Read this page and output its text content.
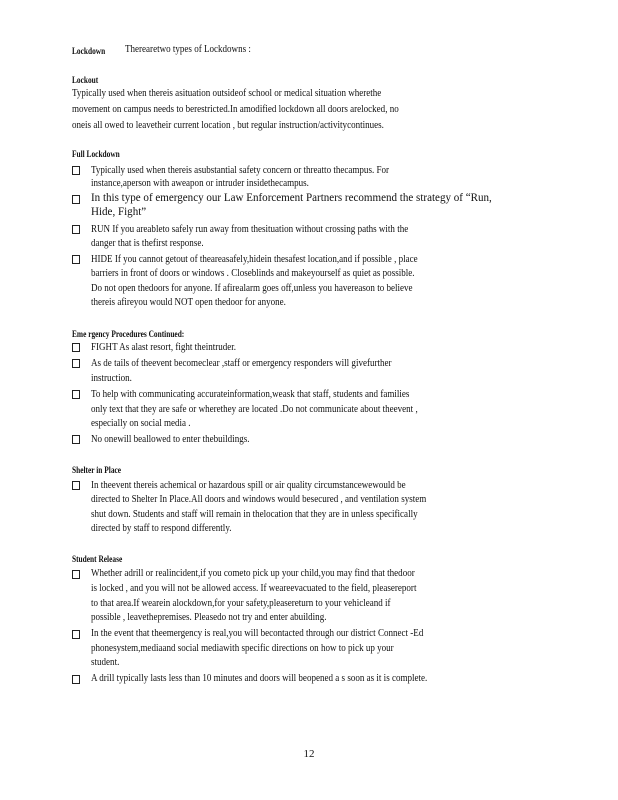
Lockdown Therearetwo types of Lockdowns :
Lockout
Typically used when thereis asituation outsideof school or medical situation wherethe
movement on campus needs to berestricted.In amodified lockdown all doors arelocked, no
oneis all owed to leavetheir current location , but regular instruction/activitycontinues.
Full Lockdown
Typically used when thereis asubstantial safety concern or threatto thecampus. For
instance,aperson with aweapon or intruder insidethecampus.
In this type of emergency our Law Enforcement Partners recommend the strategy of “Run,
Hide, Fight”
RUN If you areableto safely run away from thesituation without crossing paths with the
danger that is thefirst response.
HIDE If you cannot getout of theareasafely,hidein thesafest location,and if possible , place
barriers in front of doors or windows . Closeblinds and makeyourself as quiet as possible.
Do not open thedoors for anyone. If afirealarm goes off,unless you havereason to believe
thereis afireyou would NOT open thedoor for anyone.
Eme rgency Procedures Continued:
FIGHT As alast resort, fight theintruder.
As de tails of theevent becomeclear ,staff or emergency responders will givefurther
instruction.
To help with communicating accurateinformation,weask that staff, students and families
only text that they are safe or wherethey are located .Do not communicate about theevent ,
especially on social media .
No onewill beallowed to enter thebuildings.
Shelter in Place
In theevent thereis achemical or hazardous spill or air quality circumstancewewould be
directed to Shelter In Place.All doors and windows would besecured , and ventilation system
shut down. Students and staff will remain in thelocation that they are in unless specifically
directed by staff to respond differently.
Student Release
Whether adrill or realincident,if you cometo pick up your child,you may find that thedoor
is locked , and you will not be allowed access. If weareevacuated to the field, pleasereport
to that area.If wearein alockdown,for your safety,pleasereturn to your vehicleand if
possible , leavethepremises. Pleasedo not try and enter abuilding.
In the event that theemergency is real,you will becontacted through our district Connect -Ed
phonesystem,mediaand social mediawith specific directions on how to pick up your
student.
A drill typically lasts less than 10 minutes and doors will beopened a s soon as it is complete.
12
